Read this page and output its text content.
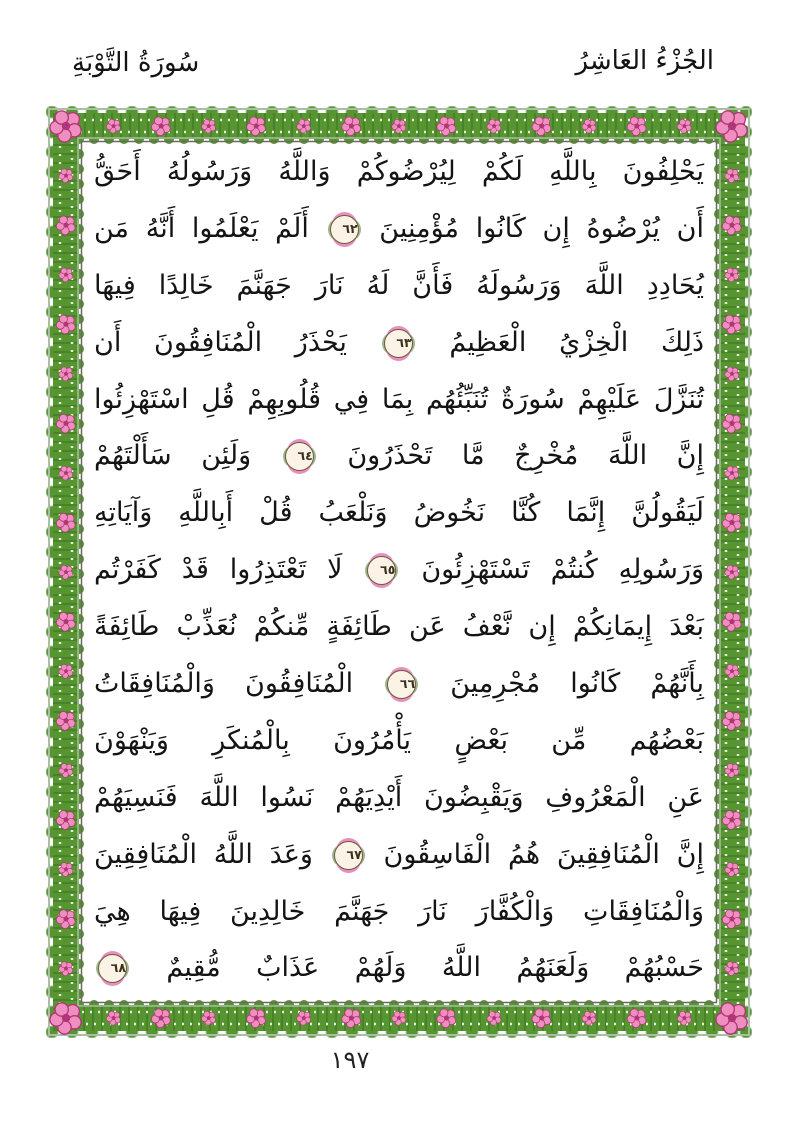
سُورَةُ التَّوْبَةِ	الجُزْءُ العَاشِرُ
يَحْلِفُونَ بِاللَّهِ لَكُمْ لِيُرْضُوكُمْ وَاللَّهُ وَرَسُولُهُ أَحَقُّ
أَن يُرْضُوهُ إِن كَانُوا مُؤْمِنِينَ ٦٢ أَلَمْ يَعْلَمُوا أَنَّهُ مَن
يُحَادِدِ اللَّهَ وَرَسُولَهُ فَأَنَّ لَهُ نَارَ جَهَنَّمَ خَالِدًا فِيهَا
ذَلِكَ الْخِزْيُ الْعَظِيمُ ٦٣ يَحْذَرُ الْمُنَافِقُونَ أَن
تُنَزَّلَ عَلَيْهِمْ سُورَةٌ تُنَبِّئُهُم بِمَا فِي قُلُوبِهِمْ قُلِ اسْتَهْزِئُوا
إِنَّ اللَّهَ مُخْرِجٌ مَّا تَحْذَرُونَ ٦٤ وَلَئِن سَأَلْتَهُمْ
لَيَقُولُنَّ إِنَّمَا كُنَّا نَخُوضُ وَنَلْعَبُ قُلْ أَبِاللَّهِ وَآيَاتِهِ
وَرَسُولِهِ كُنتُمْ تَسْتَهْزِئُونَ ٦٥ لَا تَعْتَذِرُوا قَدْ كَفَرْتُم
بَعْدَ إِيمَانِكُمْ إِن نَّعْفُ عَن طَائِفَةٍ مِّنكُمْ نُعَذِّبْ طَائِفَةً
بِأَنَّهُمْ كَانُوا مُجْرِمِينَ ٦٦ الْمُنَافِقُونَ وَالْمُنَافِقَاتُ
بَعْضُهُم مِّن بَعْضٍ يَأْمُرُونَ بِالْمُنكَرِ وَيَنْهَوْنَ
عَنِ الْمَعْرُوفِ وَيَقْبِضُونَ أَيْدِيَهُمْ نَسُوا اللَّهَ فَنَسِيَهُمْ
إِنَّ الْمُنَافِقِينَ هُمُ الْفَاسِقُونَ ٦٧ وَعَدَ اللَّهُ الْمُنَافِقِينَ
وَالْمُنَافِقَاتِ وَالْكُفَّارَ نَارَ جَهَنَّمَ خَالِدِينَ فِيهَا هِيَ
حَسْبُهُمْ وَلَعَنَهُمُ اللَّهُ وَلَهُمْ عَذَابٌ مُّقِيمٌ ٦٨
١٩٧
